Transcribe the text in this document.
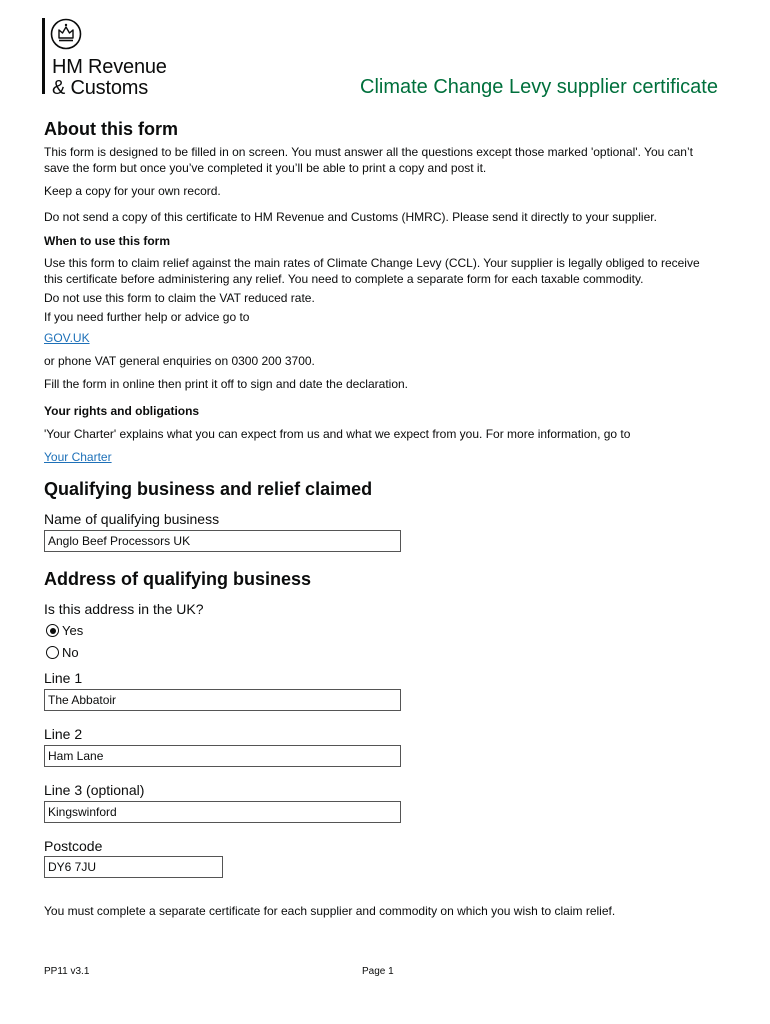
HM Revenue
& Customs	Climate Change Levy supplier certificate
About this form
This form is designed to be filled in on screen. You must answer all the questions except those marked 'optional'. You can’t
save the form but once you’ve completed it you’ll be able to print a copy and post it.
Keep a copy for your own record.
Do not send a copy of this certificate to HM Revenue and Customs (HMRC). Please send it directly to your supplier.
When to use this form
Use this form to claim relief against the main rates of Climate Change Levy (CCL). Your supplier is legally obliged to receive
this certificate before administering any relief. You need to complete a separate form for each taxable commodity.
Do not use this form to claim the VAT reduced rate.
If you need further help or advice go to
GOV.UK
or phone VAT general enquiries on 0300 200 3700.
Fill the form in online then print it off to sign and date the declaration.
Your rights and obligations
'Your Charter' explains what you can expect from us and what we expect from you. For more information, go to
Your Charter
Qualifying business and relief claimed
Name of qualifying business
Anglo Beef Processors UK
Address of qualifying business
Is this address in the UK?
Yes
No
Line 1
The Abbatoir
Line 2
Ham Lane
Line 3 (optional)
Kingswinford
Postcode
DY6 7JU
You must complete a separate certificate for each supplier and commodity on which you wish to claim relief.
PP11 v3.1	Page 1
